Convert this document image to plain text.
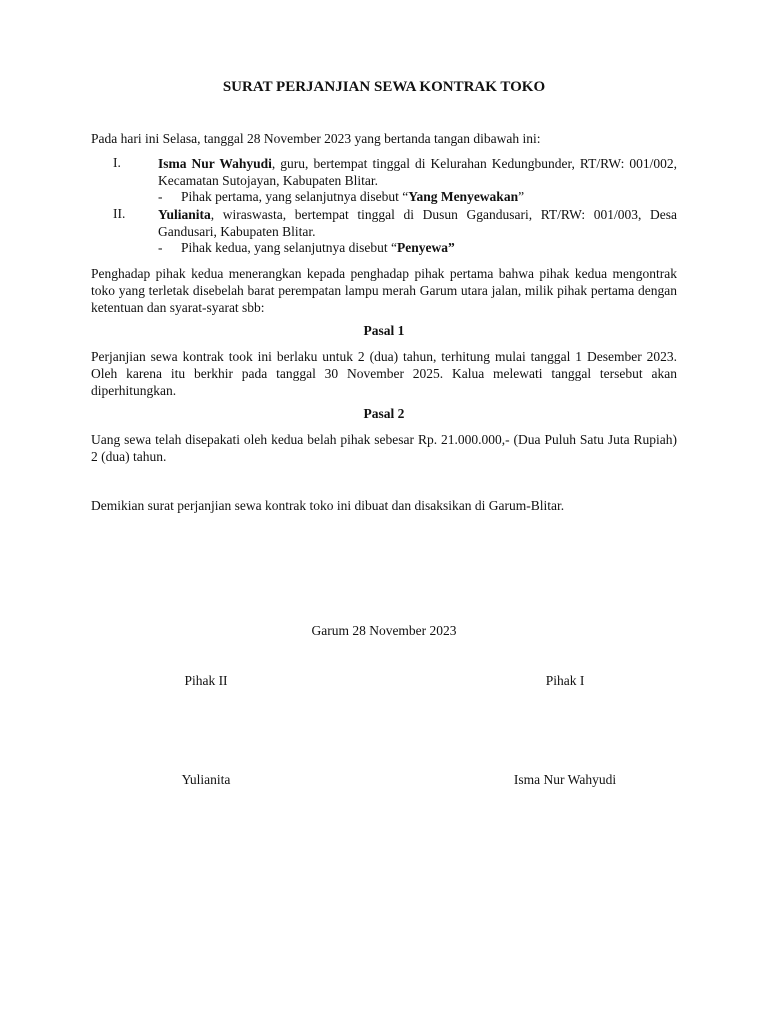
SURAT PERJANJIAN SEWA KONTRAK TOKO
Pada hari ini Selasa, tanggal 28 November 2023 yang bertanda tangan dibawah ini:
I.	Isma Nur Wahyudi, guru, bertempat tinggal di Kelurahan Kedungbunder, RT/RW: 001/002, Kecamatan Sutojayan, Kabupaten Blitar.
- Pihak pertama, yang selanjutnya disebut “Yang Menyewakan”
II. Yulianita, wiraswasta, bertempat tinggal di Dusun Ggandusari, RT/RW: 001/003, Desa Gandusari, Kabupaten Blitar.
- Pihak kedua, yang selanjutnya disebut “Penyewa”
Penghadap pihak kedua menerangkan kepada penghadap pihak pertama bahwa pihak kedua mengontrak toko yang terletak disebelah barat perempatan lampu merah Garum utara jalan, milik pihak pertama dengan ketentuan dan syarat-syarat sbb:
Pasal 1
Perjanjian sewa kontrak took ini berlaku untuk 2 (dua) tahun, terhitung mulai tanggal 1 Desember 2023. Oleh karena itu berkhir pada tanggal 30 November 2025. Kalua melewati tanggal tersebut akan diperhitungkan.
Pasal 2
Uang sewa telah disepakati oleh kedua belah pihak sebesar Rp. 21.000.000,- (Dua Puluh Satu Juta Rupiah) 2 (dua) tahun.
Demikian surat perjanjian sewa kontrak toko ini dibuat dan disaksikan di Garum-Blitar.
Garum 28 November 2023
Pihak II	Pihak I
Yulianita	Isma Nur Wahyudi
